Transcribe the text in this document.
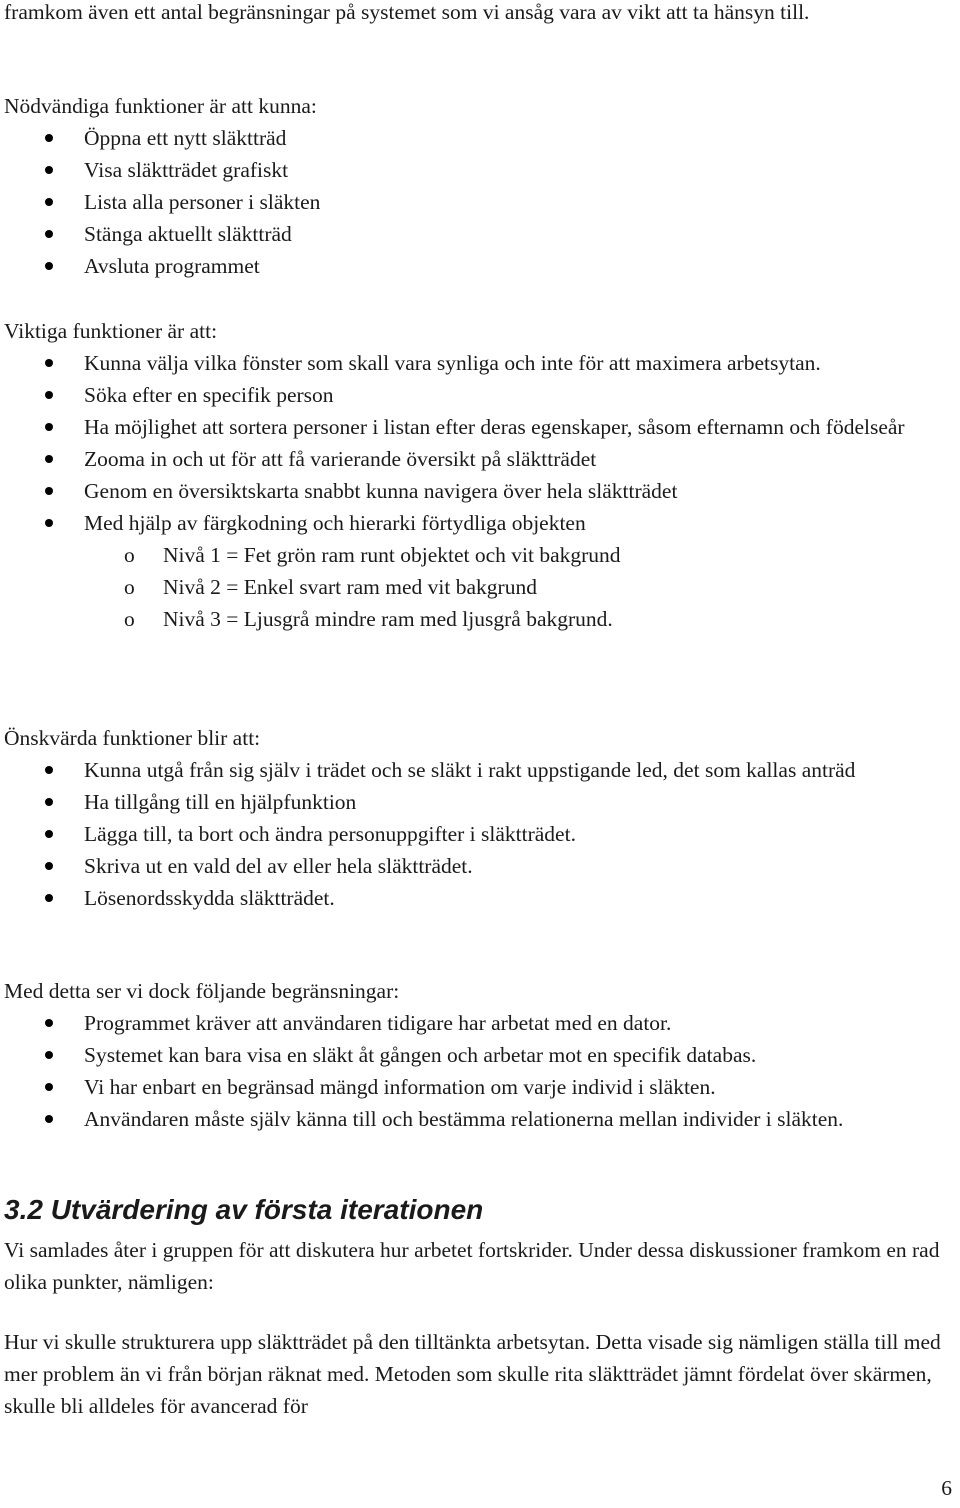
framkom även ett antal begränsningar på systemet som vi ansåg vara av vikt att ta hänsyn till.

Nödvändiga funktioner är att kunna:

Öppna ett nytt släktträd
Visa släktträdet grafiskt
Lista alla personer i släkten
Stänga aktuellt släktträd
Avsluta programmet

Viktiga funktioner är att:

Kunna välja vilka fönster som skall vara synliga och inte för att maximera arbetsytan.
Söka efter en specifik person
Ha möjlighet att sortera personer i listan efter deras egenskaper, såsom efternamn och födelseår
Zooma in och ut för att få varierande översikt på släktträdet
Genom en översiktskarta snabbt kunna navigera över hela släktträdet
Med hjälp av färgkodning och hierarki förtydliga objekten
o Nivå 1 = Fet grön ram runt objektet och vit bakgrund
o Nivå 2 = Enkel svart ram med vit bakgrund
o Nivå 3 = Ljusgrå mindre ram med ljusgrå bakgrund.

Önskvärda funktioner blir att:

Kunna utgå från sig själv i trädet och se släkt i rakt uppstigande led, det som kallas anträd
Ha tillgång till en hjälpfunktion
Lägga till, ta bort och ändra personuppgifter i släktträdet.
Skriva ut en vald del av eller hela släktträdet.
Lösenordsskydda släktträdet.

Med detta ser vi dock följande begränsningar:

Programmet kräver att användaren tidigare har arbetat med en dator.
Systemet kan bara visa en släkt åt gången och arbetar mot en specifik databas.
Vi har enbart en begränsad mängd information om varje individ i släkten.
Användaren måste själv känna till och bestämma relationerna mellan individer i släkten.
3.2 Utvärdering av första iterationen

Vi samlades åter i gruppen för att diskutera hur arbetet fortskrider. Under dessa diskussioner framkom en rad olika punkter, nämligen:

Hur vi skulle strukturera upp släktträdet på den tilltänkta arbetsytan. Detta visade sig nämligen ställa till med mer problem än vi från början räknat med. Metoden som skulle rita släktträdet jämnt fördelat över skärmen, skulle bli alldeles för avancerad för

6
